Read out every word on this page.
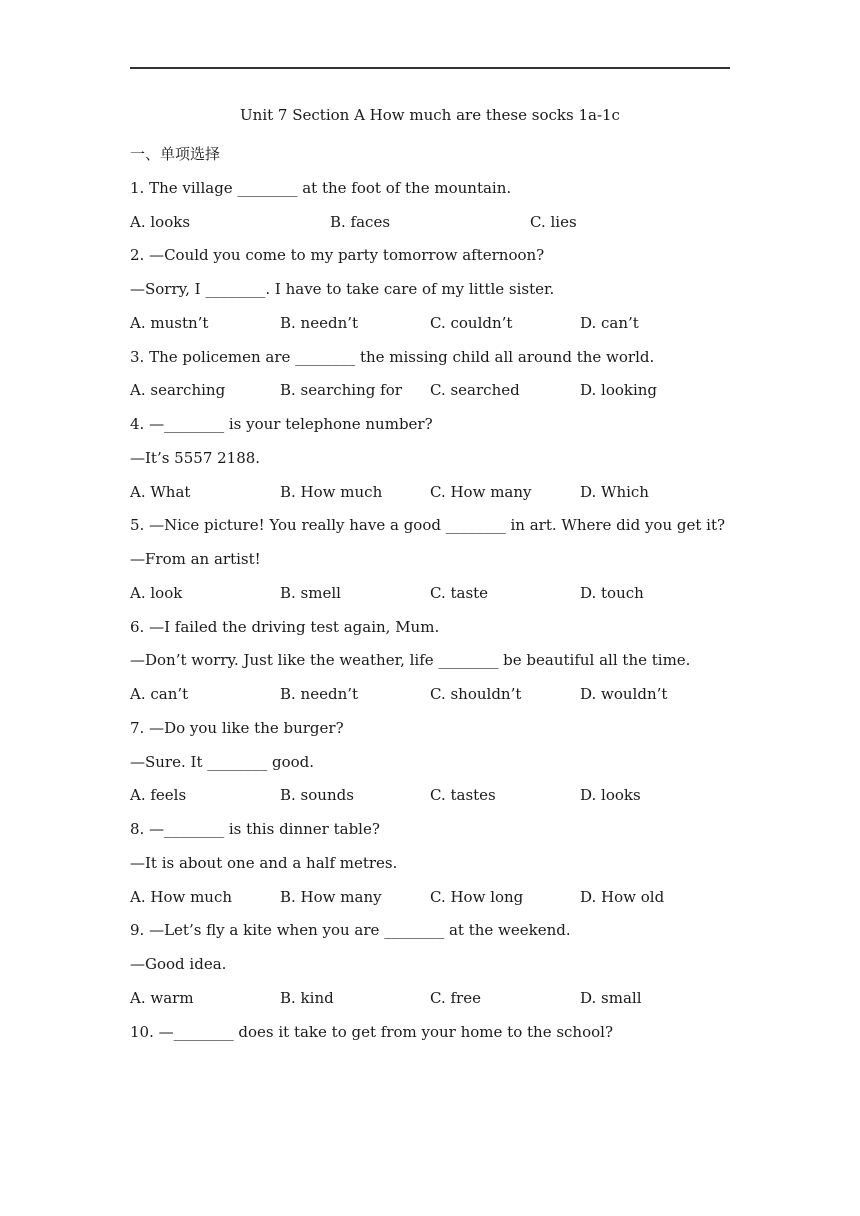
Unit 7 Section A How much are these socks 1a-1c
一、单项选择
1. The village ________ at the foot of the mountain.
A. looks	B. faces	C. lies
2. —Could you come to my party tomorrow afternoon?
—Sorry, I ________. I have to take care of my little sister.
A. mustn’t	B. needn’t	C. couldn’t	D. can’t
3. The policemen are ________ the missing child all around the world.
A. searching	B. searching for	C. searched	D. looking
4. —________ is your telephone number?
—It’s 5557 2188.
A. What	B. How much	C. How many	D. Which
5. —Nice picture! You really have a good ________ in art. Where did you get it?
—From an artist!
A. look	B. smell	C. taste	D. touch
6. —I failed the driving test again, Mum.
—Don’t worry. Just like the weather, life ________ be beautiful all the time.
A. can’t	B. needn’t	C. shouldn’t	D. wouldn’t
7. —Do you like the burger?
—Sure. It ________ good.
A. feels	B. sounds	C. tastes	D. looks
8. —________ is this dinner table?
—It is about one and a half metres.
A. How much	B. How many	C. How long	D. How old
9. —Let’s fly a kite when you are ________ at the weekend.
—Good idea.
A. warm	B. kind	C. free	D. small
10. —________ does it take to get from your home to the school?
